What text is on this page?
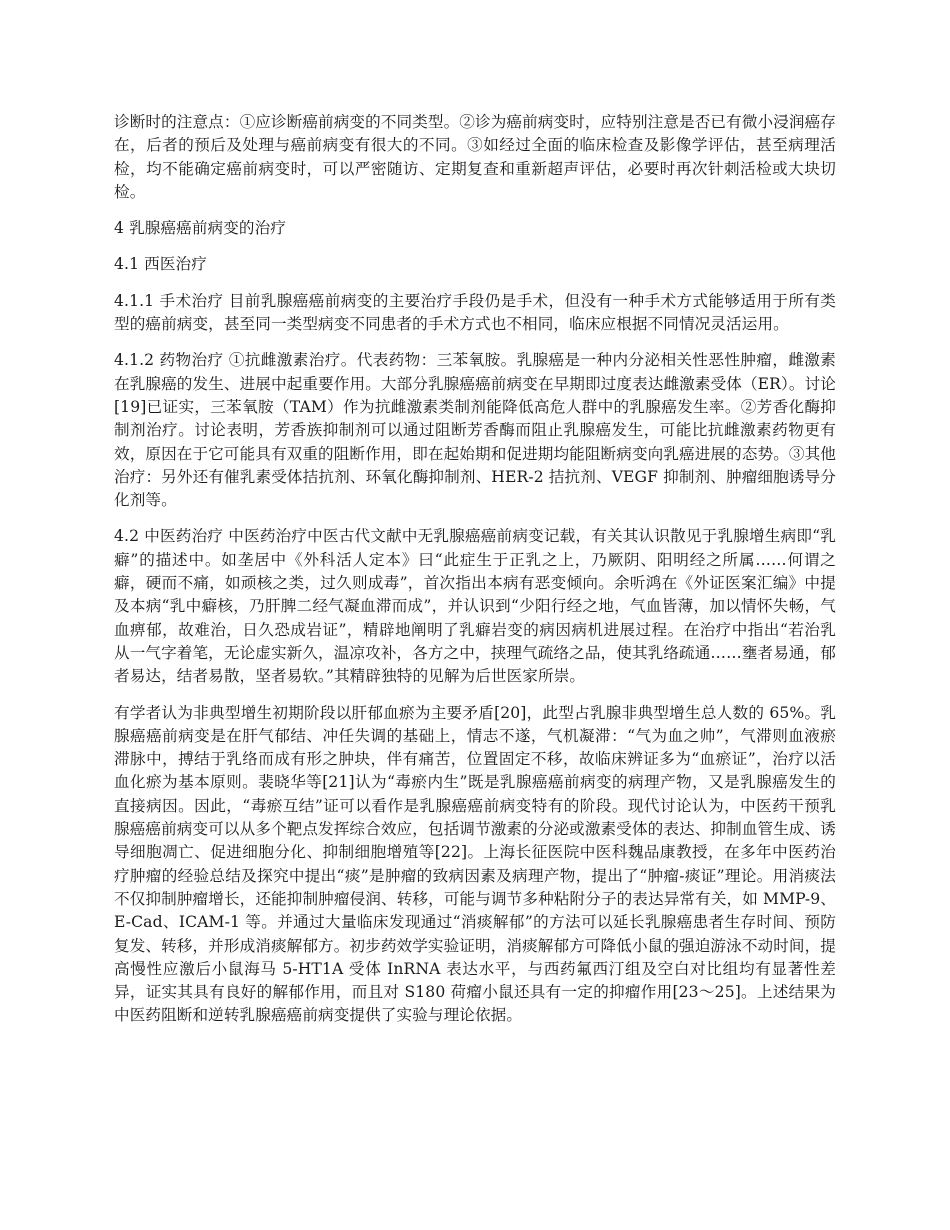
诊断时的注意点：①应诊断癌前病变的不同类型。②诊为癌前病变时，应特别注意是否已有微小浸润癌存在，后者的预后及处理与癌前病变有很大的不同。③如经过全面的临床检查及影像学评估，甚至病理活检，均不能确定癌前病变时，可以严密随访、定期复查和重新超声评估，必要时再次针刺活检或大块切检。

4 乳腺癌癌前病变的治疗

4.1 西医治疗

4.1.1 手术治疗 目前乳腺癌癌前病变的主要治疗手段仍是手术，但没有一种手术方式能够适用于所有类型的癌前病变，甚至同一类型病变不同患者的手术方式也不相同，临床应根据不同情况灵活运用。

4.1.2 药物治疗 ①抗雌激素治疗。代表药物：三苯氧胺。乳腺癌是一种内分泌相关性恶性肿瘤，雌激素在乳腺癌的发生、进展中起重要作用。大部分乳腺癌癌前病变在早期即过度表达雌激素受体（ER）。讨论[19]已证实，三苯氧胺（TAM）作为抗雌激素类制剂能降低高危人群中的乳腺癌发生率。②芳香化酶抑制剂治疗。讨论表明，芳香族抑制剂可以通过阻断芳香酶而阻止乳腺癌发生，可能比抗雌激素药物更有效，原因在于它可能具有双重的阻断作用，即在起始期和促进期均能阻断病变向乳癌进展的态势。③其他治疗：另外还有催乳素受体拮抗剂、环氧化酶抑制剂、HER-2 拮抗剂、VEGF 抑制剂、肿瘤细胞诱导分化剂等。

4.2 中医药治疗 中医药治疗中医古代文献中无乳腺癌癌前病变记载，有关其认识散见于乳腺增生病即“乳癖”的描述中。如垄居中《外科活人定本》曰“此症生于正乳之上，乃厥阴、阳明经之所属……何谓之癖，硬而不痛，如顽核之类，过久则成毒”，首次指出本病有恶变倾向。余听鸿在《外证医案汇编》中提及本病“乳中癖核，乃肝脾二经气凝血滞而成”，并认识到“少阳行经之地，气血皆薄，加以情怀失畅，气血痹郁，故难治，日久恐成岩证”，精辟地阐明了乳癖岩变的病因病机进展过程。在治疗中指出“若治乳从一气字着笔，无论虚实新久，温凉攻补，各方之中，挟理气疏络之品，使其乳络疏通……壅者易通，郁者易达，结者易散，坚者易软。”其精辟独特的见解为后世医家所崇。

有学者认为非典型增生初期阶段以肝郁血瘀为主要矛盾[20]，此型占乳腺非典型增生总人数的 65%。乳腺癌癌前病变是在肝气郁结、冲任失调的基础上，情志不遂，气机凝滞：“气为血之帅”，气滞则血液瘀滞脉中，搏结于乳络而成有形之肿块，伴有痛苦，位置固定不移，故临床辨证多为“血瘀证”，治疗以活血化瘀为基本原则。裴晓华等[21]认为“毒瘀内生”既是乳腺癌癌前病变的病理产物，又是乳腺癌发生的直接病因。因此，“毒瘀互结”证可以看作是乳腺癌癌前病变特有的阶段。现代讨论认为，中医药干预乳腺癌癌前病变可以从多个靶点发挥综合效应，包括调节激素的分泌或激素受体的表达、抑制血管生成、诱导细胞凋亡、促进细胞分化、抑制细胞增殖等[22]。上海长征医院中医科魏品康教授，在多年中医药治疗肿瘤的经验总结及探究中提出“痰”是肿瘤的致病因素及病理产物，提出了“肿瘤-痰证”理论。用消痰法不仅抑制肿瘤增长，还能抑制肿瘤侵润、转移，可能与调节多种粘附分子的表达异常有关，如 MMP-9、E-Cad、ICAM-1 等。并通过大量临床发现通过“消痰解郁”的方法可以延长乳腺癌患者生存时间、预防复发、转移，并形成消痰解郁方。初步药效学实验证明，消痰解郁方可降低小鼠的强迫游泳不动时间，提高慢性应激后小鼠海马 5-HT1A 受体 InRNA 表达水平，与西药氟西汀组及空白对比组均有显著性差异，证实其具有良好的解郁作用，而且对 S180 荷瘤小鼠还具有一定的抑瘤作用[23～25]。上述结果为中医药阻断和逆转乳腺癌癌前病变提供了实验与理论依据。
